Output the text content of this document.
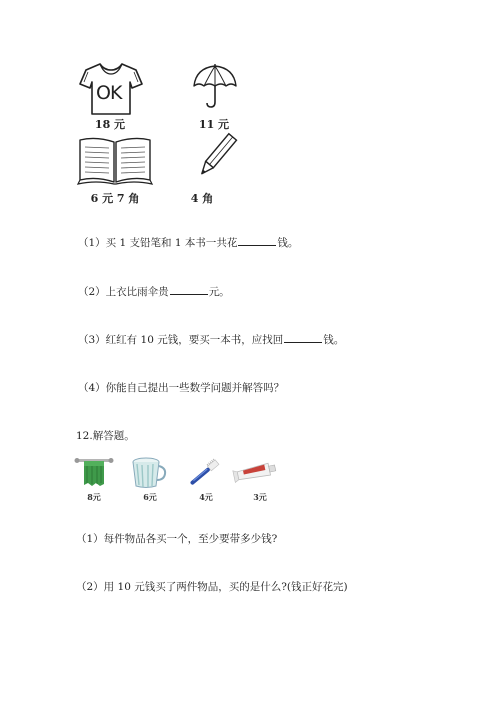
OK
18 元	11 元
6 元 7 角	4 角
（1）买 1 支铅笔和 1 本书一共花	钱。
（2）上衣比雨伞贵	元。
（3）红红有 10 元钱，要买一本书，应找回	钱。
（4）你能自己提出一些数学问题并解答吗？
12.解答题。
8元	6元	4元	3元
（1）每件物品各买一个，至少要带多少钱?
（2）用 10 元钱买了两件物品，买的是什么?(钱正好花完)
